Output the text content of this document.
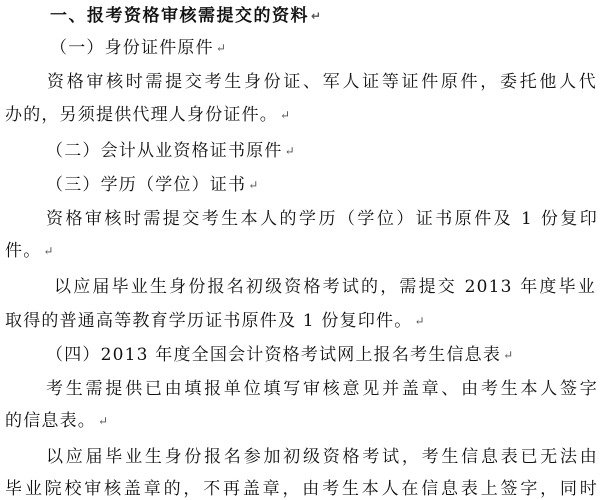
一、报考资格审核需提交的资料 ↵
（一）身份证件原件 ↵
资格审核时需提交考生身份证、军人证等证件原件，委托他人代
办的，另须提供代理人身份证件。 ↵
（二）会计从业资格证书原件 ↵
（三）学历（学位）证书 ↵
资格审核时需提交考生本人的学历（学位）证书原件及 1 份复印
件。 ↵
以应届毕业生身份报名初级资格考试的，需提交 2013 年度毕业
取得的普通高等教育学历证书原件及 1 份复印件。 ↵
（四）2013 年度全国会计资格考试网上报名考生信息表 ↵
考生需提供已由填报单位填写审核意见并盖章、由考生本人签字
的信息表。 ↵
以应届毕业生身份报名参加初级资格考试，考生信息表已无法由
毕业院校审核盖章的，不再盖章，由考生本人在信息表上签字，同时
